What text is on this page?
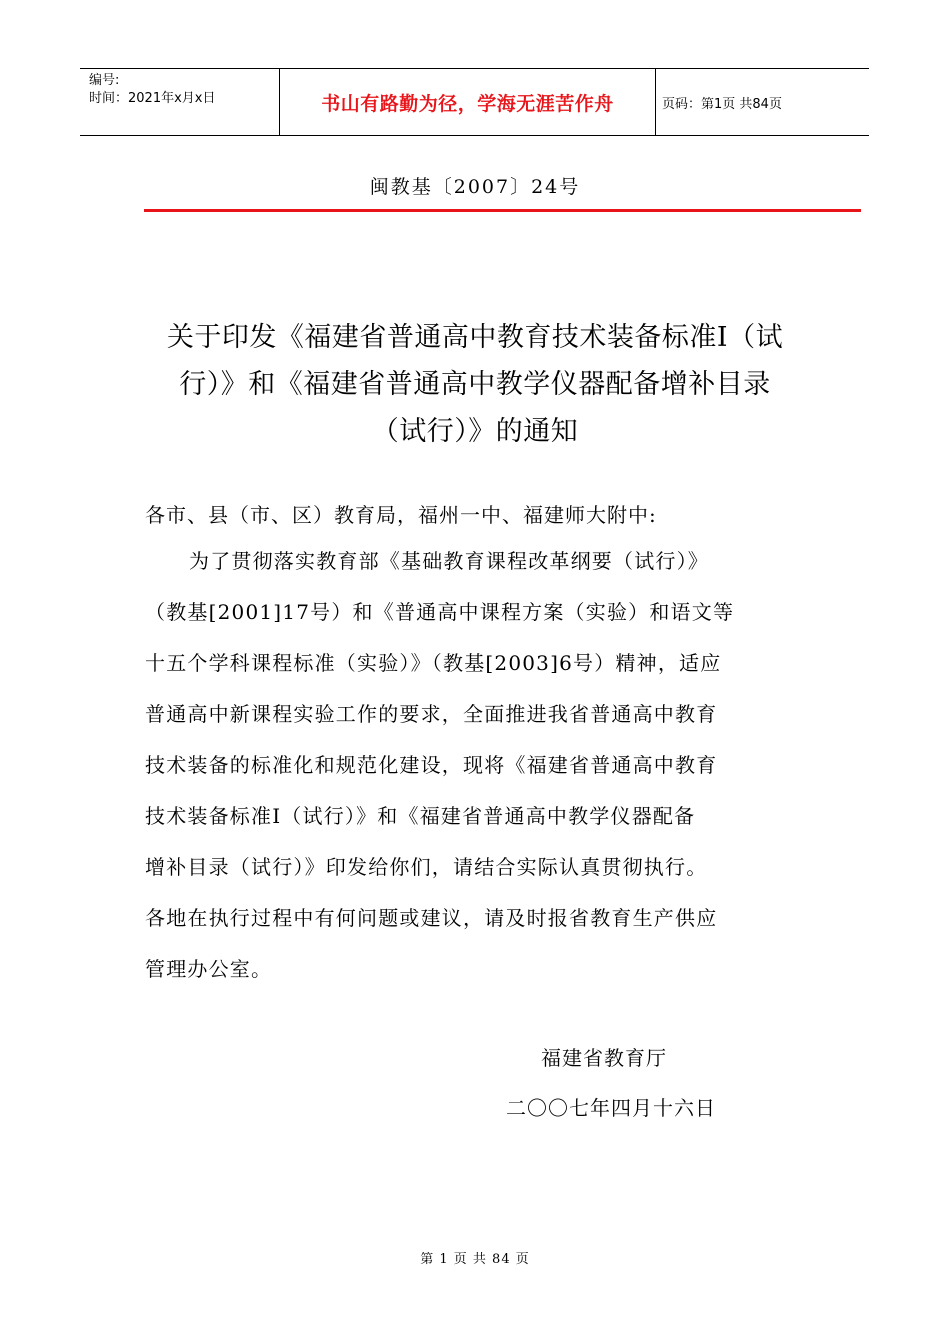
编号:
时间：2021年x月x日	书山有路勤为径，学海无涯苦作舟	页码：第1页 共84页
闽教基〔2007〕24号
关于印发《福建省普通高中教育技术装备标准Ⅰ（试
行）》和《福建省普通高中教学仪器配备增补目录
（试行）》的通知
各市、县（市、区）教育局，福州一中、福建师大附中:
为了贯彻落实教育部《基础教育课程改革纲要（试行）》
（教基[2001]17号）和《普通高中课程方案（实验）和语文等
十五个学科课程标准（实验）》（教基[2003]6号）精神，适应
普通高中新课程实验工作的要求，全面推进我省普通高中教育
技术装备的标准化和规范化建设，现将《福建省普通高中教育
技术装备标准Ⅰ（试行）》和《福建省普通高中教学仪器配备
增补目录（试行）》印发给你们，请结合实际认真贯彻执行。
各地在执行过程中有何问题或建议，请及时报省教育生产供应
管理办公室。
福建省教育厅
二〇〇七年四月十六日
第 1 页 共 84 页
